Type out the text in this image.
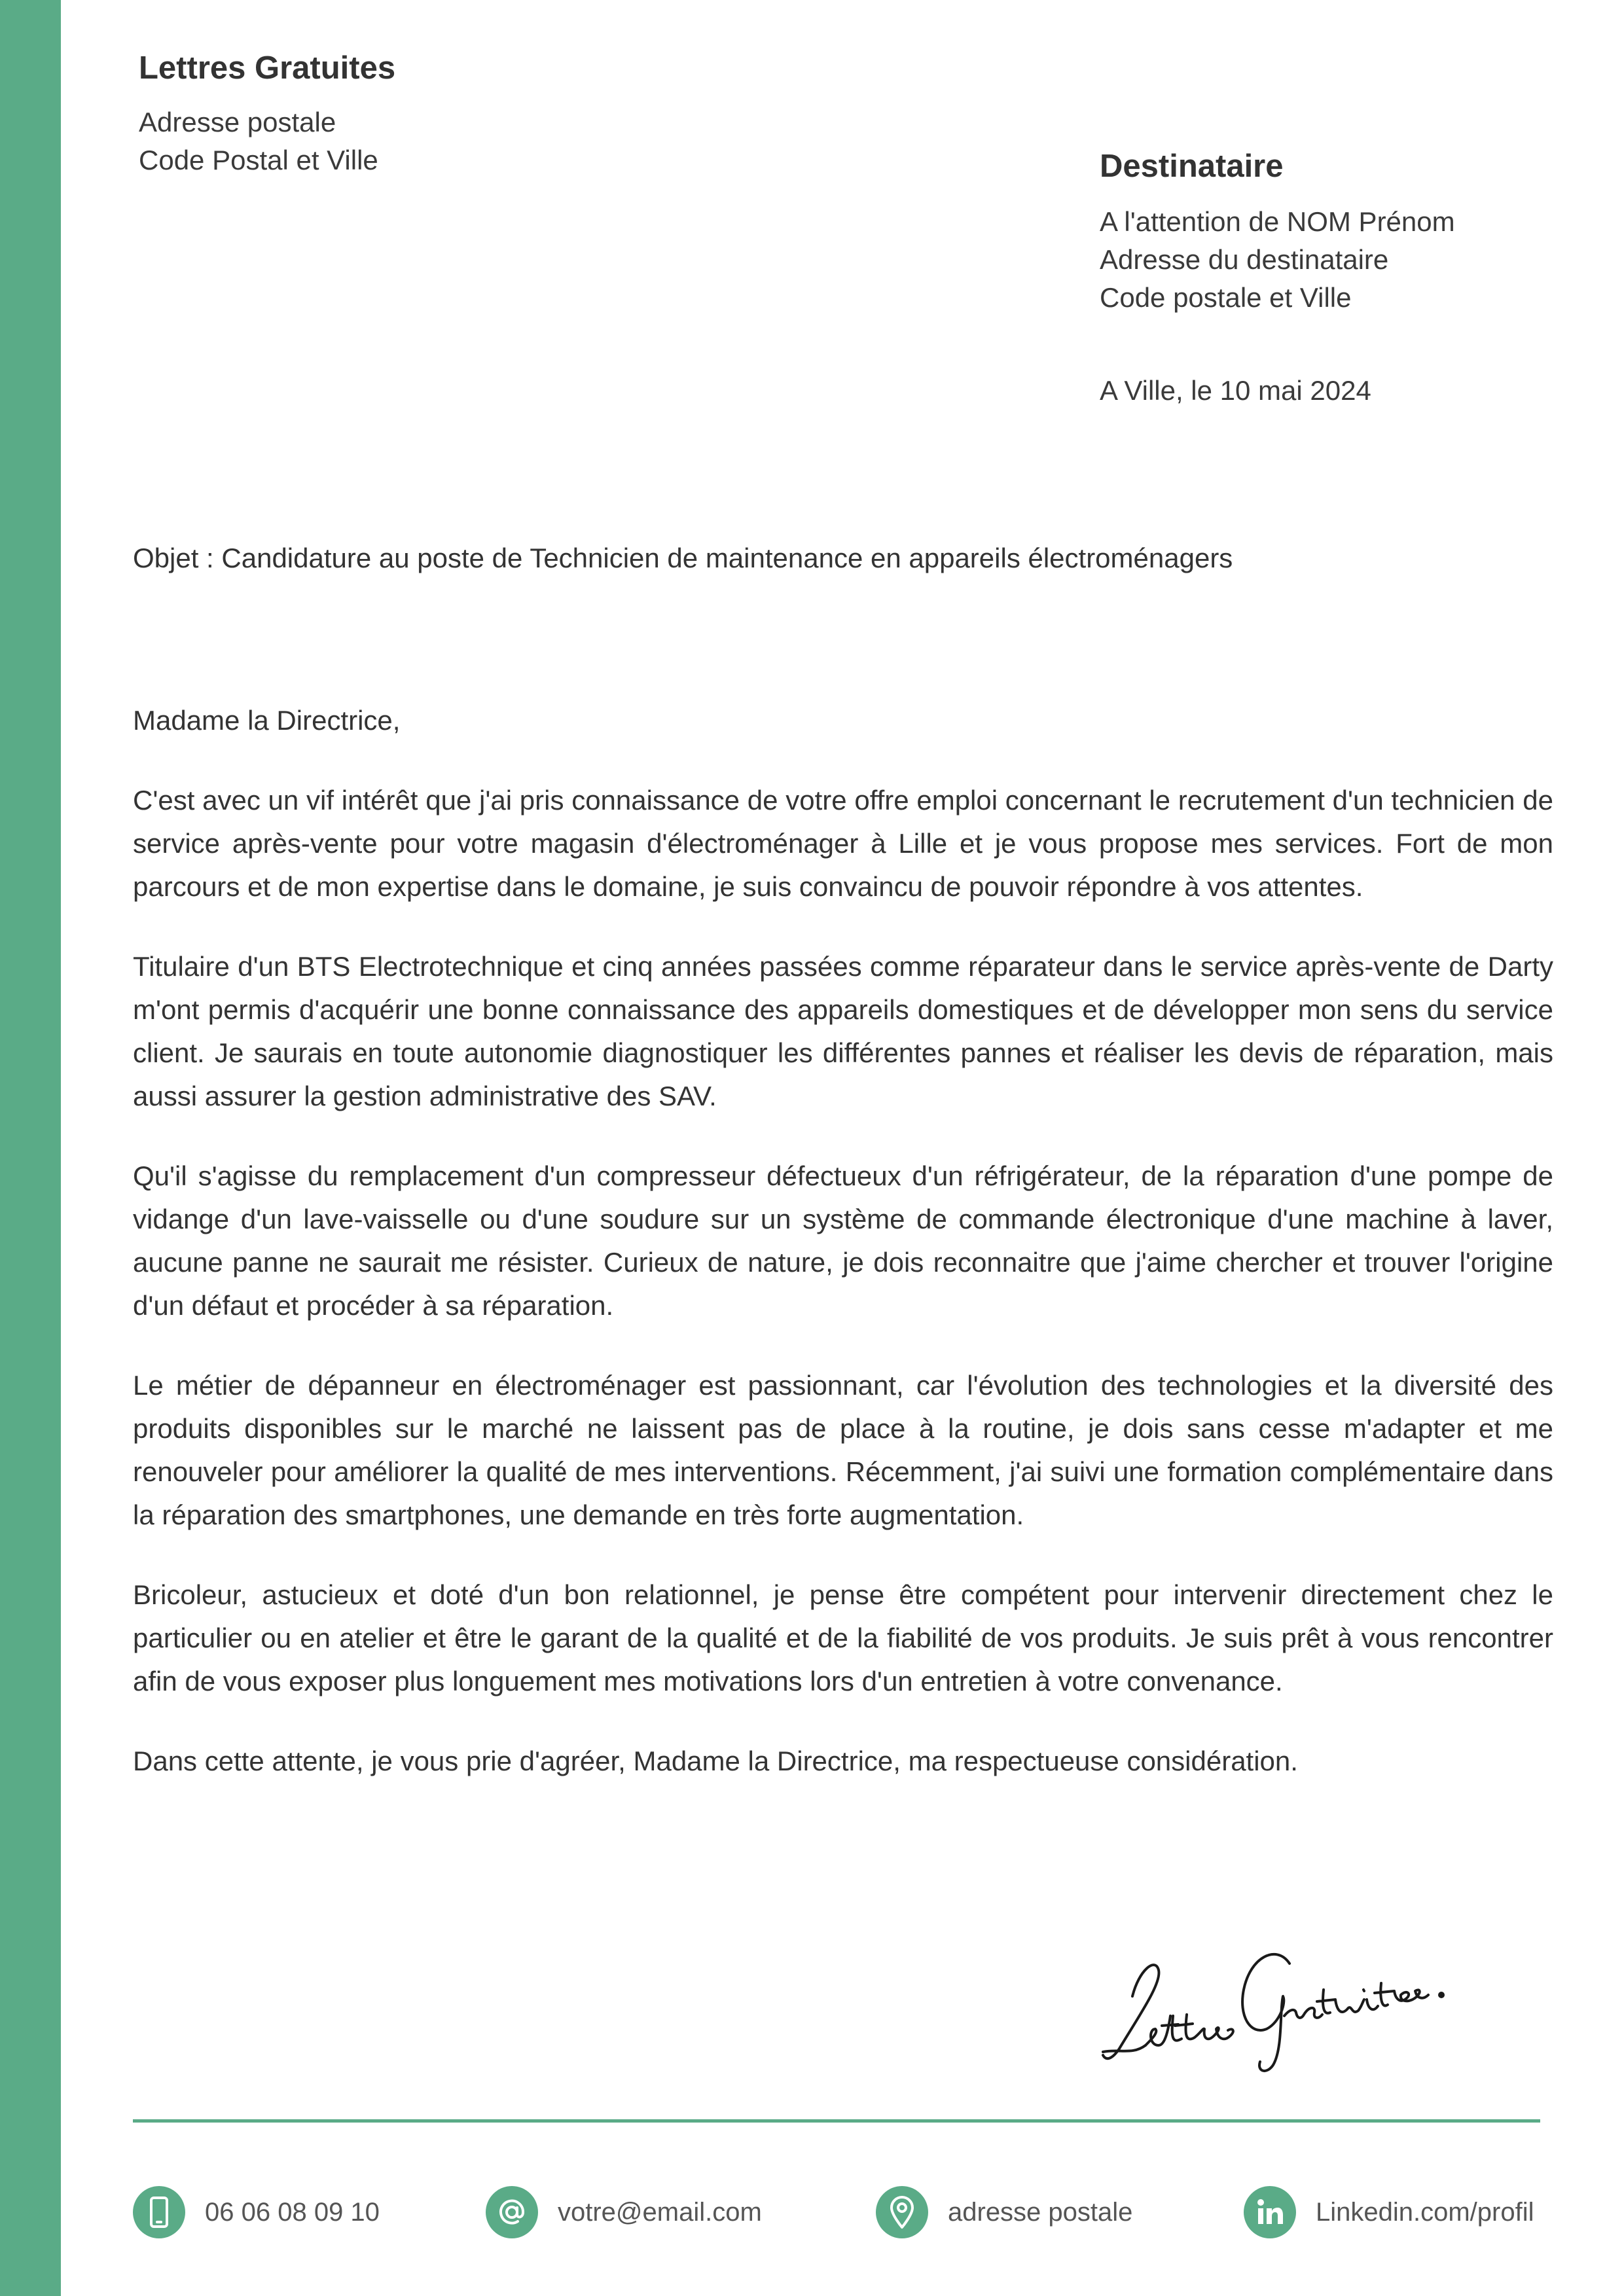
Lettres Gratuites
Adresse postale
Code Postal et Ville	Destinataire
A l'attention de NOM Prénom
Adresse du destinataire
Code postale et Ville
A Ville, le 10 mai 2024
Objet : Candidature au poste de Technicien de maintenance en appareils électroménagers
Madame la Directrice,

C'est avec un vif intérêt que j'ai pris connaissance de votre offre emploi concernant le recrutement d'un technicien de service après-vente pour votre magasin d'électroménager à Lille et je vous propose mes services. Fort de mon parcours et de mon expertise dans le domaine, je suis convaincu de pouvoir répondre à vos attentes.

Titulaire d'un BTS Electrotechnique et cinq années passées comme réparateur dans le service après-vente de Darty m'ont permis d'acquérir une bonne connaissance des appareils domestiques et de développer mon sens du service client. Je saurais en toute autonomie diagnostiquer les différentes pannes et réaliser les devis de réparation, mais aussi assurer la gestion administrative des SAV.

Qu'il s'agisse du remplacement d'un compresseur défectueux d'un réfrigérateur, de la réparation d'une pompe de vidange d'un lave-vaisselle ou d'une soudure sur un système de commande électronique d'une machine à laver, aucune panne ne saurait me résister. Curieux de nature, je dois reconnaitre que j'aime chercher et trouver l'origine d'un défaut et procéder à sa réparation.

Le métier de dépanneur en électroménager est passionnant, car l'évolution des technologies et la diversité des produits disponibles sur le marché ne laissent pas de place à la routine, je dois sans cesse m'adapter et me renouveler pour améliorer la qualité de mes interventions. Récemment, j'ai suivi une formation complémentaire dans la réparation des smartphones, une demande en très forte augmentation.

Bricoleur, astucieux et doté d'un bon relationnel, je pense être compétent pour intervenir directement chez le particulier ou en atelier et être le garant de la qualité et de la fiabilité de vos produits. Je suis prêt à vous rencontrer afin de vous exposer plus longuement mes motivations lors d'un entretien à votre convenance.

Dans cette attente, je vous prie d'agréer, Madame la Directrice, ma respectueuse considération.

06 06 08 09 10	votre@email.com	adresse postale	Linkedin.com/profil
